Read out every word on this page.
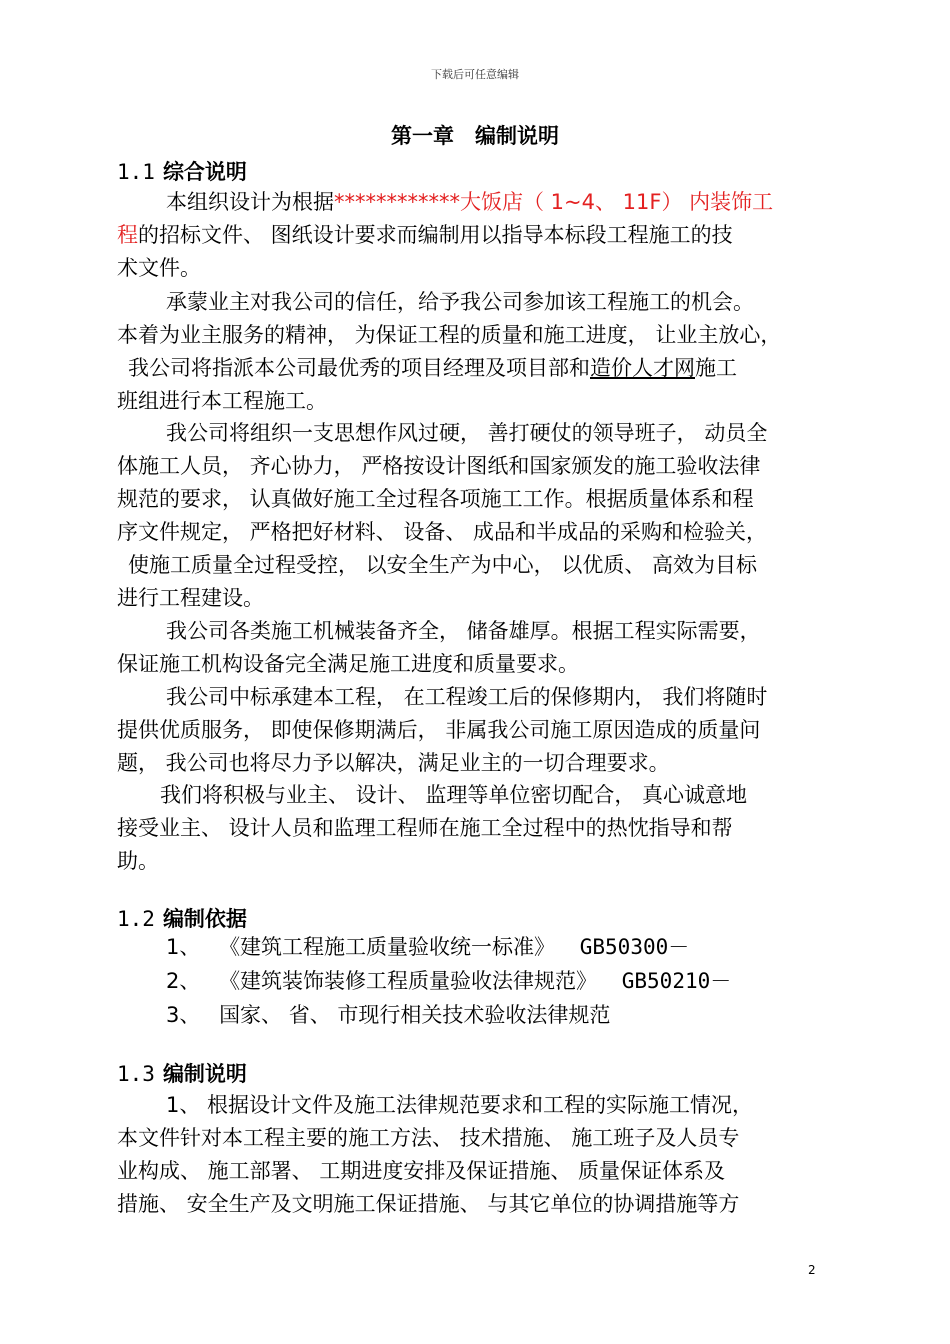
下载后可任意编辑
第一章　编制说明
1.1 综合说明
本组织设计为根据************大饭店（ 1~4、 11F） 内装饰工
程的招标文件、 图纸设计要求而编制用以指导本标段工程施工的技
术文件。
承蒙业主对我公司的信任，给予我公司参加该工程施工的机会。
本着为业主服务的精神， 为保证工程的质量和施工进度， 让业主放心，
我公司将指派本公司最优秀的项目经理及项目部和造价人才网施工
班组进行本工程施工。
我公司将组织一支思想作风过硬， 善打硬仗的领导班子， 动员全
体施工人员， 齐心协力， 严格按设计图纸和国家颁发的施工验收法律
规范的要求， 认真做好施工全过程各项施工工作。根据质量体系和程
序文件规定， 严格把好材料、 设备、 成品和半成品的采购和检验关，
使施工质量全过程受控， 以安全生产为中心， 以优质、 高效为目标
进行工程建设。
我公司各类施工机械装备齐全， 储备雄厚。根据工程实际需要，
保证施工机构设备完全满足施工进度和质量要求。
我公司中标承建本工程， 在工程竣工后的保修期内， 我们将随时
提供优质服务， 即使保修期满后， 非属我公司施工原因造成的质量问
题， 我公司也将尽力予以解决，满足业主的一切合理要求。
我们将积极与业主、 设计、 监理等单位密切配合， 真心诚意地
接受业主、 设计人员和监理工程师在施工全过程中的热忱指导和帮
助。
1.2 编制依据
1、 《建筑工程施工质量验收统一标准》 GB50300－
2、 《建筑装饰装修工程质量验收法律规范》 GB50210－
3、 国家、 省、 市现行相关技术验收法律规范
1.3 编制说明
1、 根据设计文件及施工法律规范要求和工程的实际施工情况，
本文件针对本工程主要的施工方法、 技术措施、 施工班子及人员专
业构成、 施工部署、 工期进度安排及保证措施、 质量保证体系及
措施、 安全生产及文明施工保证措施、 与其它单位的协调措施等方
2
